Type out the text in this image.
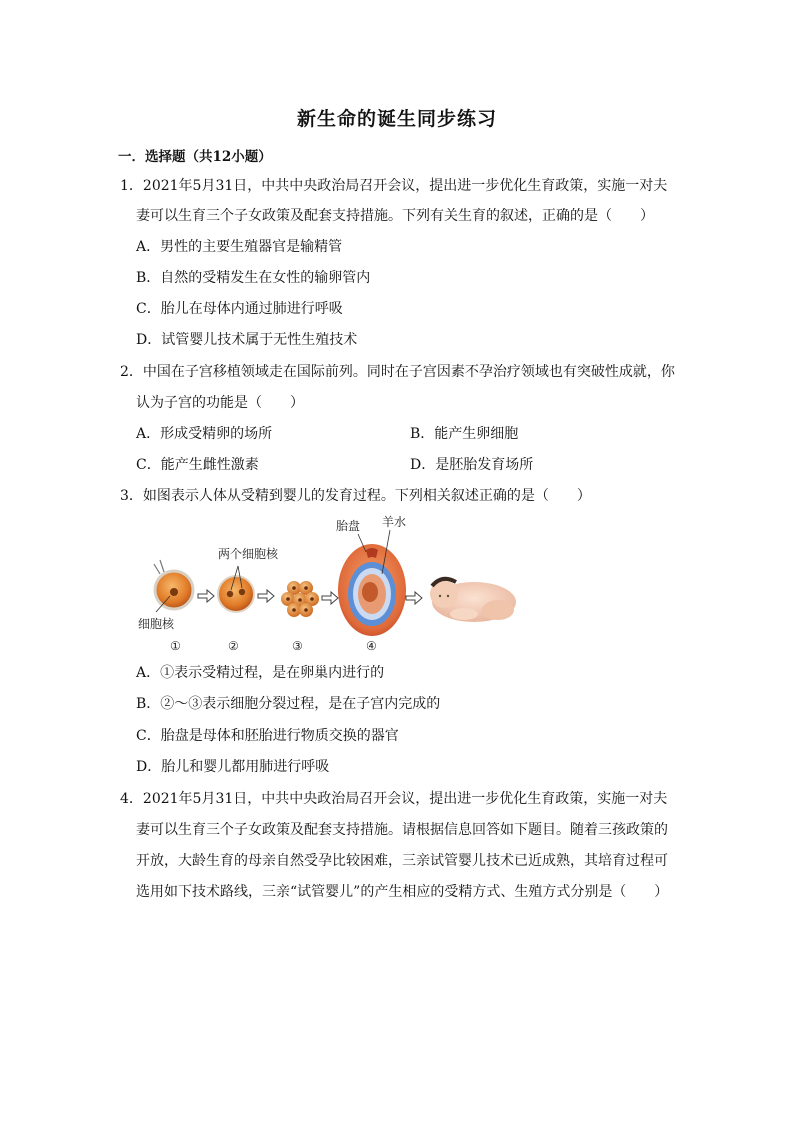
新生命的诞生同步练习
一．选择题（共12小题）
1．2021年5月31日，中共中央政治局召开会议，提出进一步优化生育政策，实施一对夫
妻可以生育三个子女政策及配套支持措施。下列有关生育的叙述，正确的是（　　）
A．男性的主要生殖器官是输精管
B．自然的受精发生在女性的输卵管内
C．胎儿在母体内通过肺进行呼吸
D．试管婴儿技术属于无性生殖技术
2．中国在子宫移植领域走在国际前列。同时在子宫因素不孕治疗领域也有突破性成就，你
认为子宫的功能是（　　）
A．形成受精卵的场所	B．能产生卵细胞
C．能产生雌性激素	D．是胚胎发育场所
3．如图表示人体从受精到婴儿的发育过程。下列相关叙述正确的是（　　）
细胞核
①
两个细胞核
②	③
胎盘 羊水
④
A．①表示受精过程，是在卵巢内进行的
B．②～③表示细胞分裂过程，是在子宫内完成的
C．胎盘是母体和胚胎进行物质交换的器官
D．胎儿和婴儿都用肺进行呼吸
4．2021年5月31日，中共中央政治局召开会议，提出进一步优化生育政策，实施一对夫
妻可以生育三个子女政策及配套支持措施。请根据信息回答如下题目。随着三孩政策的
开放，大龄生育的母亲自然受孕比较困难，三亲试管婴儿技术已近成熟，其培育过程可
选用如下技术路线，三亲“试管婴儿”的产生相应的受精方式、生殖方式分别是（　　）
